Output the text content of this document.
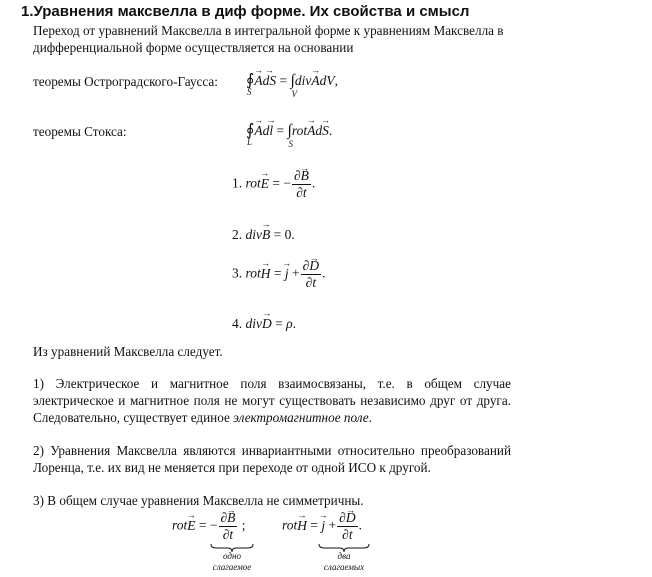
1.Уравнения максвелла в диф форме. Их свойства и смысл
Переход от уравнений Максвелла в интегральной форме к уравнениям Максвелла в
дифференциальной форме осуществляется на основании
теоремы Остроградского-Гаусса: ∮
S
→ A→ dS = ∫
V
div→ AdV,
теоремы Стокса:	∮
L
→ Ad→ l = ∫
S
rot→ Ad→ S.
1. rot→ E = − $\frac{\partial\to B}{\partial t}$ .
2. div→ B = 0.
3. rot→ H = → $j + \frac{\partial\to D}{\partial t}$ .
4. div→ D = ρ.
Из уравнений Максвелла следует.
1) Электрическое и магнитное поля взаимосвязаны, т.е. в общем случае
электрическое и магнитное поля не могут существовать независимо друг от друга.
Следовательно, существует единое электромагнитное поле.
2) Уравнения Максвелла являются инвариантными относительно преобразований
Лоренца, т.е. их вид не меняется при переходе от одной ИСО к другой.
3) В общем случае уравнения Максвелла не симметричны.
rot→ E = − $\frac{\partial\to B}{\partial t}$ ;	rot→ H = → $j + \frac{\partial\to D}{\partial t}$ .
одно
слагаемое
два
слагаемых
